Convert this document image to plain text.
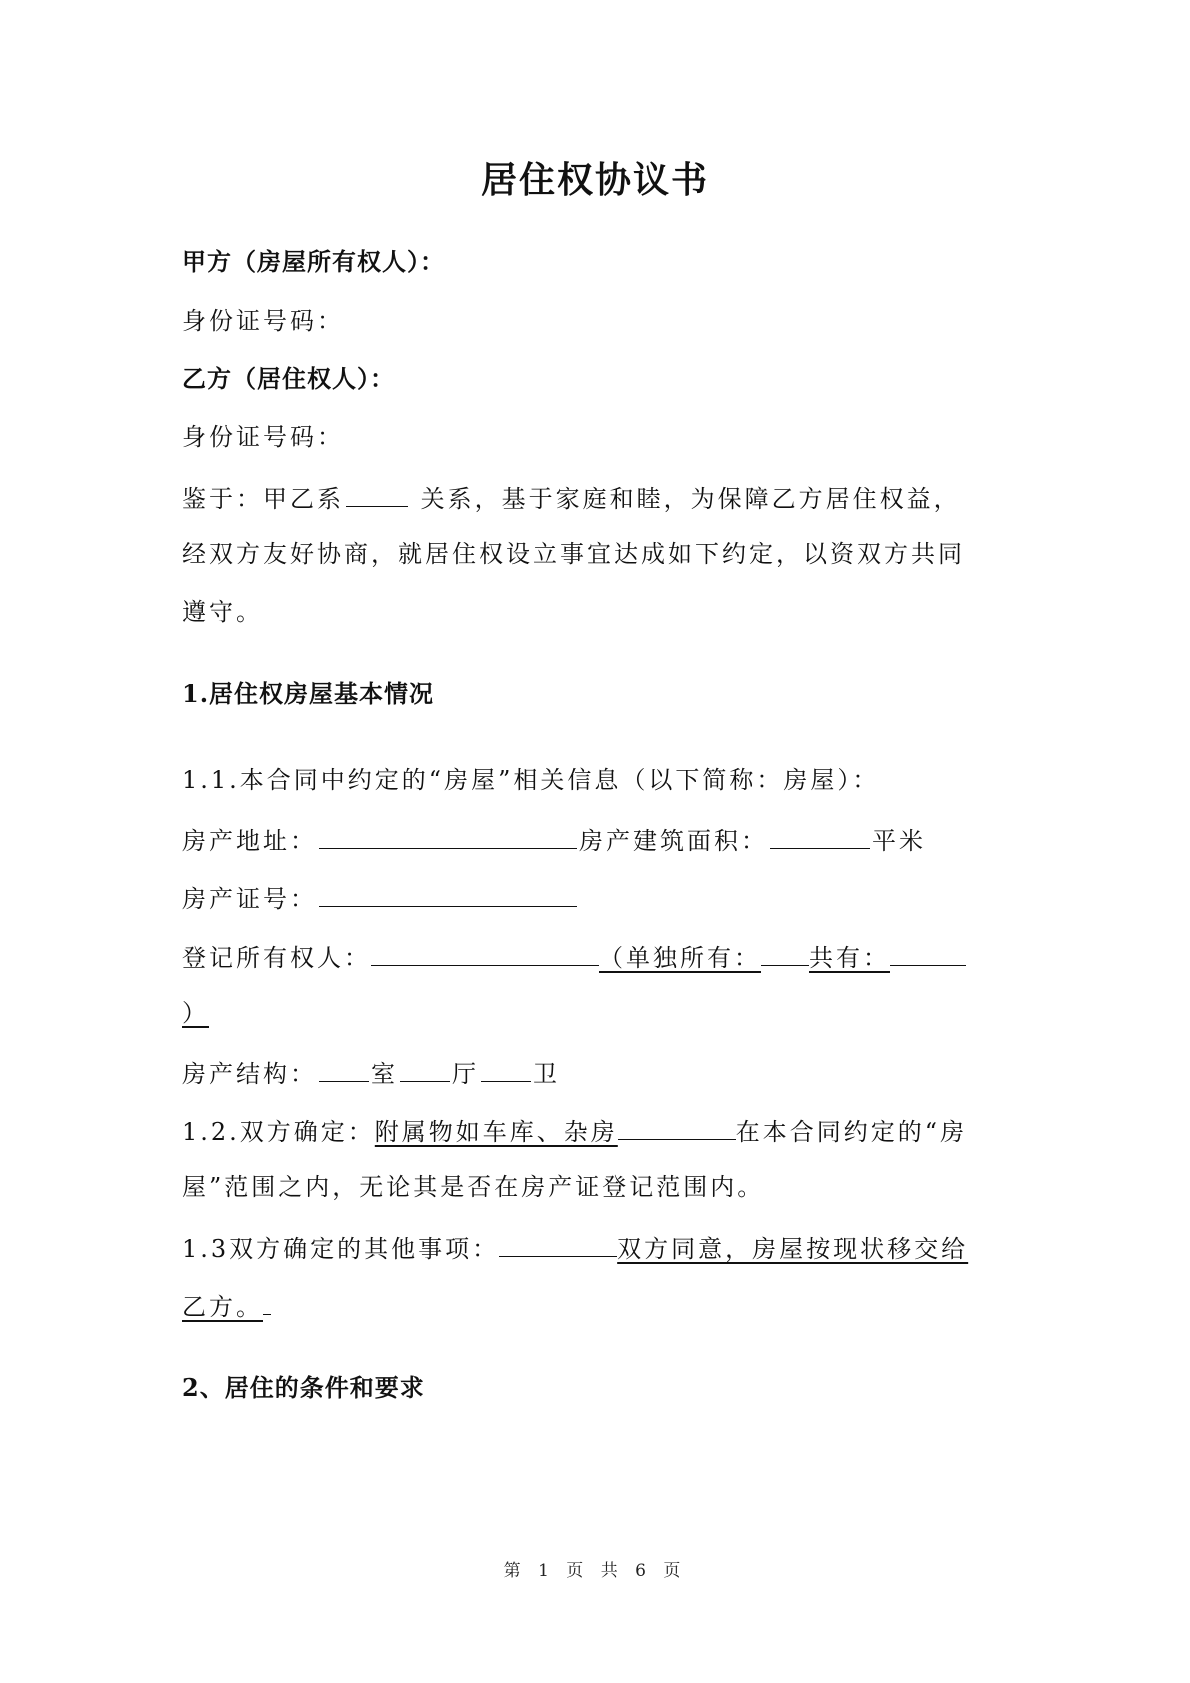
居住权协议书
甲方（房屋所有权人）：
身份证号码：
乙方（居住权人）：
身份证号码：
鉴于：甲乙系	关系，基于家庭和睦，为保障乙方居住权益，
经双方友好协商，就居住权设立事宜达成如下约定，以资双方共同
遵守。
1.居住权房屋基本情况
1.1.本合同中约定的“房屋”相关信息（以下简称：房屋）：
房产地址：	房产建筑面积：	平米
房产证号：
登记所有权人：	（单独所有： 共有：
）
房产结构： 室 厅 卫
1.2.双方确定：附属物如车库、杂房	在本合同约定的“房
屋”范围之内，无论其是否在房产证登记范围内。
1.3双方确定的其他事项：	双方同意，房屋按现状移交给
乙方。
2、居住的条件和要求
第 1 页 共 6 页
